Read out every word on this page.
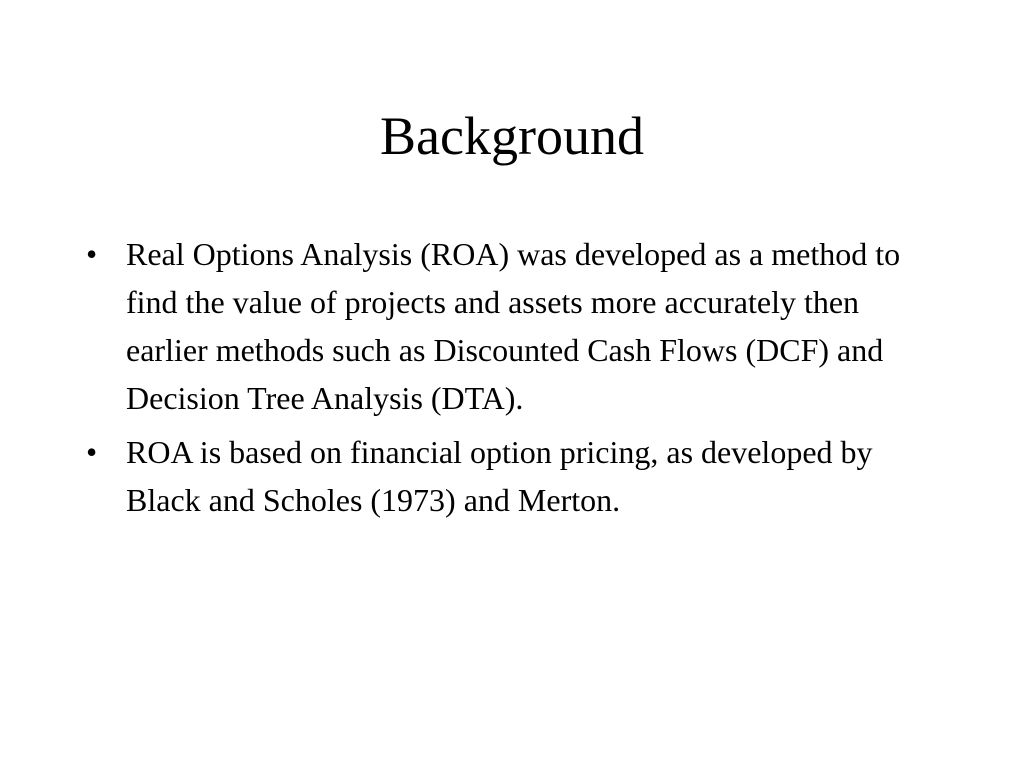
Background
• Real Options Analysis (ROA) was developed as a method to find the value of projects and assets more accurately then earlier methods such as Discounted Cash Flows (DCF) and Decision Tree Analysis (DTA).
• ROA is based on financial option pricing, as developed by Black and Scholes (1973) and Merton.
